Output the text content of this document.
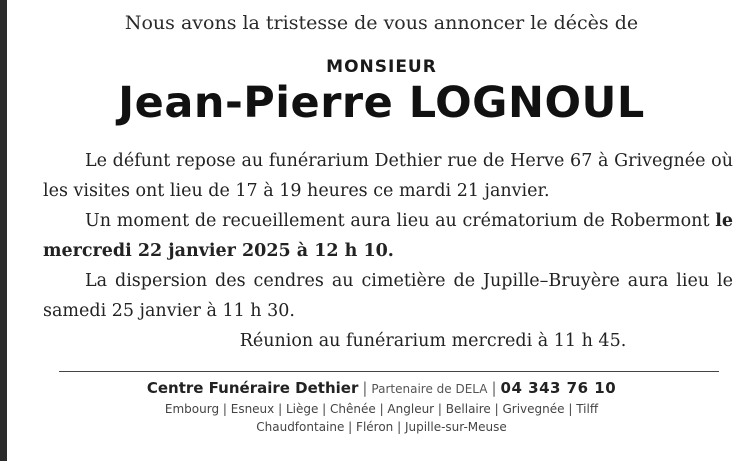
Nous avons la tristesse de vous annoncer le décès de
MONSIEUR
Jean-Pierre LOGNOUL

Le défunt repose au funérarium Dethier rue de Herve 67 à Grivegnée où les visites ont lieu de 17 à 19 heures ce mardi 21 janvier.

Un moment de recueillement aura lieu au crématorium de Robermont le mercredi 22 janvier 2025 à 12 h 10.

La dispersion des cendres au cimetière de Jupille–Bruyère aura lieu le samedi 25 janvier à 11 h 30.

Réunion au funérarium mercredi à 11 h 45.

Centre Funéraire Dethier | Partenaire de DELA | 04 343 76 10
Embourg | Esneux | Liège | Chênée | Angleur | Bellaire | Grivegnée | Tilff
Chaudfontaine | Fléron | Jupille-sur-Meuse
